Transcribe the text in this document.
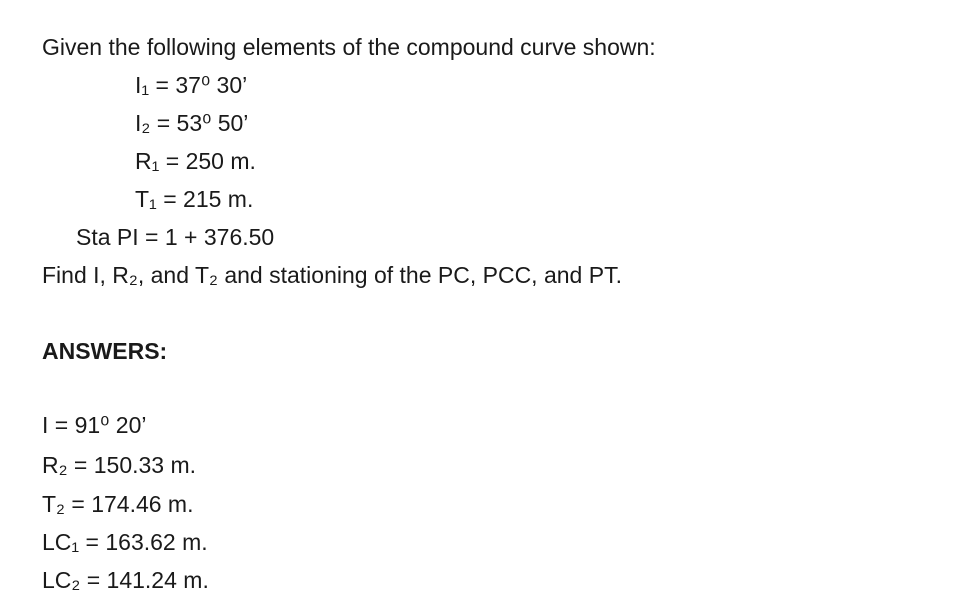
Given the following elements of the compound curve shown:
I₁ = 37⁰ 30’
I₂ = 53⁰ 50’
R₁ = 250 m.
T₁ = 215 m.
Sta PI = 1 + 376.50
Find I, R₂, and T₂ and stationing of the PC, PCC, and PT.
ANSWERS:
I = 91⁰ 20’
R₂ = 150.33 m.
T₂ = 174.46 m.
LC₁ = 163.62 m.
LC₂ = 141.24 m.
